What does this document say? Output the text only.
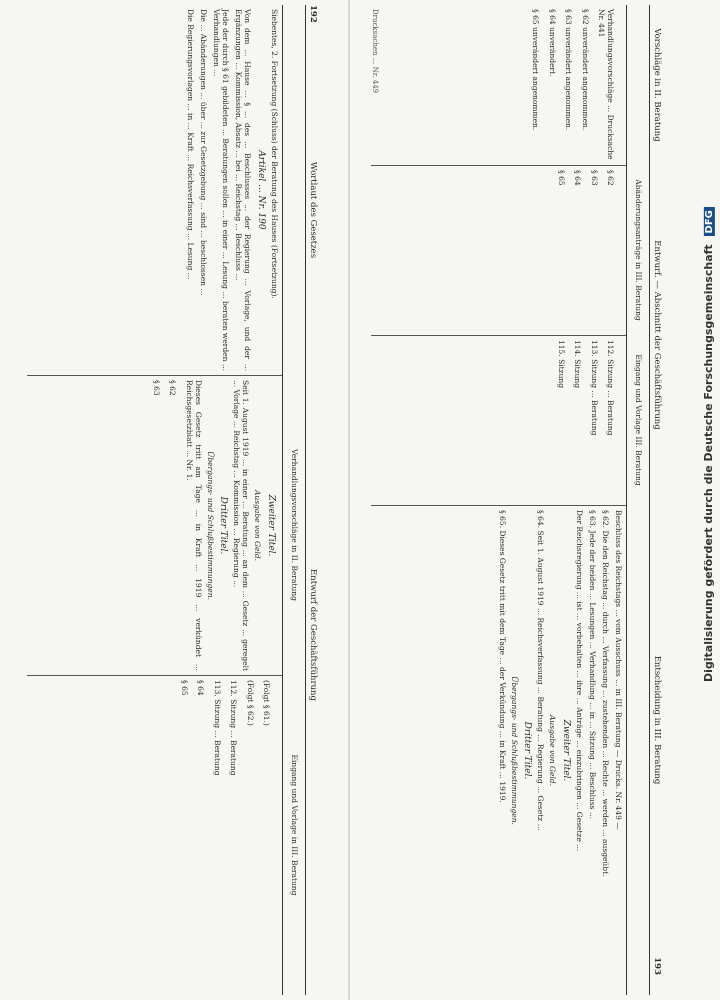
192
Wortlaut des Gesetzes
Entwurf der Geschäftsführung
Verhandlungsvorschläge in II. Beratung
Eingang und Vorlage in III. Beratung

Siebentes, 2. Fortsetzung (Schluss) der Beratung des Hauses (Fortsetzung).

Artikel ... Nr. 190

Von dem ... Hause ... § ... des ... Beschlusses ... der Regierung ... Vorlage, und der ... Ergänzungen ... Kommission, Absatz ... bei ... Reichstag ... Beschluss ...

Jede der durch § 61 gebildeten ... Beratungen sollen ... in einer ... Lesung ... beraten werden ... Verhandlungen ...

Die ... Abänderungen ... über ... zur Gesetzgebung ... sind ... beschlossen ...

Die Regierungsvorlagen ... in ... Kraft ... Reichsverfassung ... Lesung ...

Zweiter Titel.

Ausgabe von Geld.

Seit 1. August 1919 ... in einer ... Beratung ... an dem ... Gesetz ... geregelt ... Vorlage ... Reichstag ... Kommission ... Regierung ...

Dritter Titel.

Übergangs- und Schlußbestimmungen.

Dieses Gesetz tritt am Tage ... in Kraft ... 1919 ... verkündet ... Reichsgesetzblatt ... Nr. 1.

§ 62

§ 63

(Folgt § 61.)

(Folgt § 62.)

112. Sitzung ... Beratung

113. Sitzung ... Beratung

§ 64

§ 65

Vorschläge in II. Beratung
Entwurf. — Abschnitt der Geschäftsführung
Entscheidung in III. Beratung
193
Abänderungsanträge in III. Beratung
Eingang und Vorlage III. Beratung

Verhandlungsvorschläge ... Drucksache Nr. 441

§ 62 unverändert angenommen.

§ 63 unverändert angenommen.

§ 64 unverändert.

§ 65 unverändert angenommen.

§ 62

§ 63

§ 64

§ 65

112. Sitzung ... Beratung

113. Sitzung ... Beratung

114. Sitzung

115. Sitzung

Beschluss des Reichstags ... vom Ausschuss ... in III. Beratung — Drucks. Nr. 449 —

§ 62. Die den Reichstag ... durch ... Verfassung ... zustehenden ... Rechte ... werden ... ausgeübt.

§ 63. Jede der beiden ... Lesungen ... Verhandlung ... in ... Sitzung ... Beschluss ...

Der Reichsregierung ... ist ... vorbehalten ... ihre ... Anträge ... einzubringen ... Gesetze ...

Zweiter Titel.

Ausgabe von Geld.

§ 64. Seit 1. August 1919 ... Reichsverfassung ... Beratung ... Regierung ... Gesetz ...

Dritter Titel.

Übergangs- und Schlußbestimmungen.

§ 65. Dieses Gesetz tritt mit dem Tage ... der Verkündung ... in Kraft ... 1919.

Drucksachen ... Nr. 449
Digitalisierung gefördert durch die Deutsche Forschungsgemeinschaft DFG
